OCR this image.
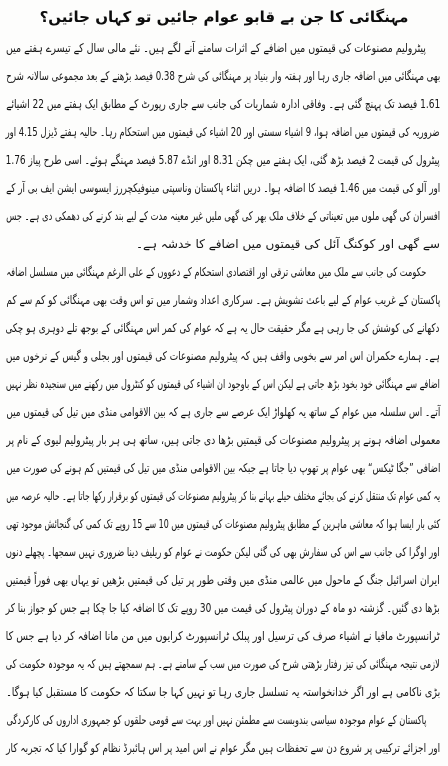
مہنگائی کا جن بے قابو عوام جائیں تو کہاں جائیں؟
پیٹرولیم مصنوعات کی قیمتوں میں اضافے کے اثرات سامنے آنے لگے ہیں۔ نئے مالی سال کے تیسرے ہفتے میں
بھی مہنگائی میں اضافہ جاری رہا اور ہفتہ وار بنیاد پر مہنگائی کی شرح 0.38 فیصد بڑھنے کے بعد مجموعی سالانہ شرح
1.61 فیصد تک پہنچ گئی ہے۔ وفاقی ادارہ شماریات کی جانب سے جاری رپورٹ کے مطابق ایک ہفتے میں 22 اشیائے
ضروریہ کی قیمتوں میں اضافہ ہوا، 9 اشیاء سستی اور 20 اشیاء کی قیمتوں میں استحکام رہا۔ حالیہ ہفتے ڈیزل 4.15 اور
پیٹرول کی قیمت 2 فیصد بڑھ گئی، ایک ہفتے میں چکن 8.31 اور انڈے 5.87 فیصد مہنگے ہوئے۔ اسی طرح پیاز 1.76
اور آلو کی قیمت میں 1.46 فیصد کا اضافہ ہوا۔ دریں اثناء پاکستان وناسپتی مینوفیکچررز ایسوسی ایشن ایف بی آر کے
افسران کی گھی ملوں میں تعیناتی کے خلاف ملک بھر کی گھی ملیں غیر معینہ مدت کے لیے بند کرنے کی دھمکی دی ہے۔ جس
سے گھی اور کوکنگ آئل کی قیمتوں میں اضافے کا خدشہ ہے۔
حکومت کی جانب سے ملک میں معاشی ترقی اور اقتصادی استحکام کے دعووں کے علی الرغم مہنگائی میں مسلسل اضافہ
پاکستان کے غریب عوام کے لیے باعث تشویش ہے۔ سرکاری اعداد وشمار میں تو اس وقت بھی مہنگائی کو کم سے کم
دکھانے کی کوشش کی جا رہی ہے مگر حقیقت حال یہ ہے کہ عوام کی کمر اس مہنگائی کے بوجھ تلے دوہری ہو چکی
ہے۔ ہمارے حکمران اس امر سے بخوبی واقف ہیں کہ پیٹرولیم مصنوعات کی قیمتوں اور بجلی و گیس کے نرخوں میں
اضافے سے مہنگائی خود بخود بڑھ جاتی ہے لیکن اس کے باوجود ان اشیاء کی قیمتوں کو کنٹرول میں رکھنے میں سنجیدہ نظر نہیں
آتے۔ اس سلسلہ میں عوام کے ساتھ یہ کھلواڑ ایک عرصے سے جاری ہے کہ بین الاقوامی منڈی میں تیل کی قیمتوں میں
معمولی اضافہ ہونے پر پیٹرولیم مصنوعات کی قیمتیں بڑھا دی جاتی ہیں، ساتھ ہی ہر بار پیٹرولیم لیوی کے نام پر
اضافی ”جگا ٹیکس“ بھی عوام پر تھوپ دیا جاتا ہے جبکہ بین الاقوامی منڈی میں تیل کی قیمتیں کم ہونے کی صورت میں
یہ کمی عوام تک منتقل کرنے کی بجائے مختلف حیلے بہانے بنا کر پیٹرولیم مصنوعات کی قیمتوں کو برقرار رکھا جاتا ہے۔ حالیہ عرصہ میں
کئی بار ایسا ہوا کہ معاشی ماہرین کے مطابق پیٹرولیم مصنوعات کی قیمتوں میں 10 سے 15 روپے تک کمی کی گنجائش موجود تھی
اور اوگرا کی جانب سے اس کی سفارش بھی کی گئی لیکن حکومت نے عوام کو ریلیف دینا ضروری نہیں سمجھا۔ پچھلے دنوں
ایران اسرائیل جنگ کے ماحول میں عالمی منڈی میں وقتی طور پر تیل کی قیمتیں بڑھیں تو یہاں بھی فوراً قیمتیں
بڑھا دی گئیں۔ گزشتہ دو ماہ کے دوران پیٹرول کی قیمت میں 30 روپے تک کا اضافہ کیا جا چکا ہے جس کو جواز بنا کر
ٹرانسپورٹ مافیا نے اشیاء صرف کی ترسیل اور پبلک ٹرانسپورٹ کرایوں میں من مانا اضافہ کر دیا ہے جس کا
لازمی نتیجہ مہنگائی کی تیز رفتار بڑھتی شرح کی صورت میں سب کے سامنے ہے۔ ہم سمجھتے ہیں کہ یہ موجودہ حکومت کی
بڑی ناکامی ہے اور اگر خدانخواستہ یہ تسلسل جاری رہا تو نہیں کہا جا سکتا کہ حکومت کا مستقبل کیا ہوگا۔
پاکستان کے عوام موجودہ سیاسی بندوبست سے مطمئن نہیں اور بہت سے قومی حلقوں کو جمہوری اداروں کی کارکردگی
اور اجزائے ترکیبی پر شروع دن سے تحفظات ہیں مگر عوام نے اس امید پر اس ہائبرڈ نظام کو گوارا کیا کہ تجربہ کار
